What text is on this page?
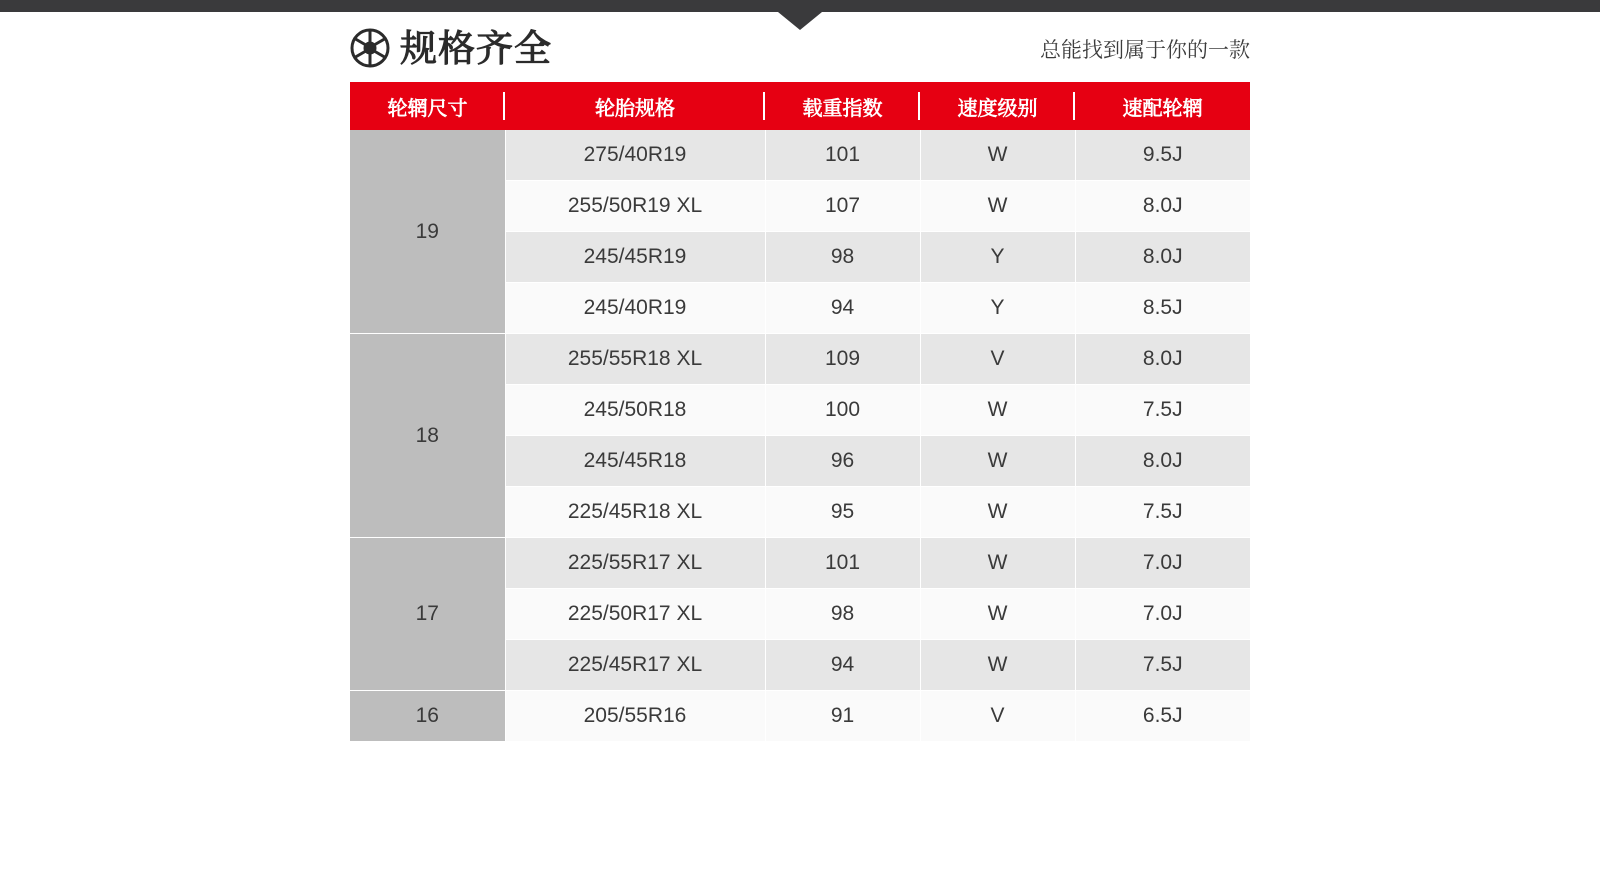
规格齐全	总能找到属于你的一款
轮辋尺寸	轮胎规格	载重指数	速度级别	速配轮辋
19	275/40R19	101	W	9.5J
	255/50R19 XL	107	W	8.0J
	245/45R19	98	Y	8.0J
	245/40R19	94	Y	8.5J
18	255/55R18 XL	109	V	8.0J
	245/50R18	100	W	7.5J
	245/45R18	96	W	8.0J
	225/45R18 XL	95	W	7.5J
17	225/55R17 XL	101	W	7.0J
	225/50R17 XL	98	W	7.0J
	225/45R17 XL	94	W	7.5J
16	205/55R16	91	V	6.5J
